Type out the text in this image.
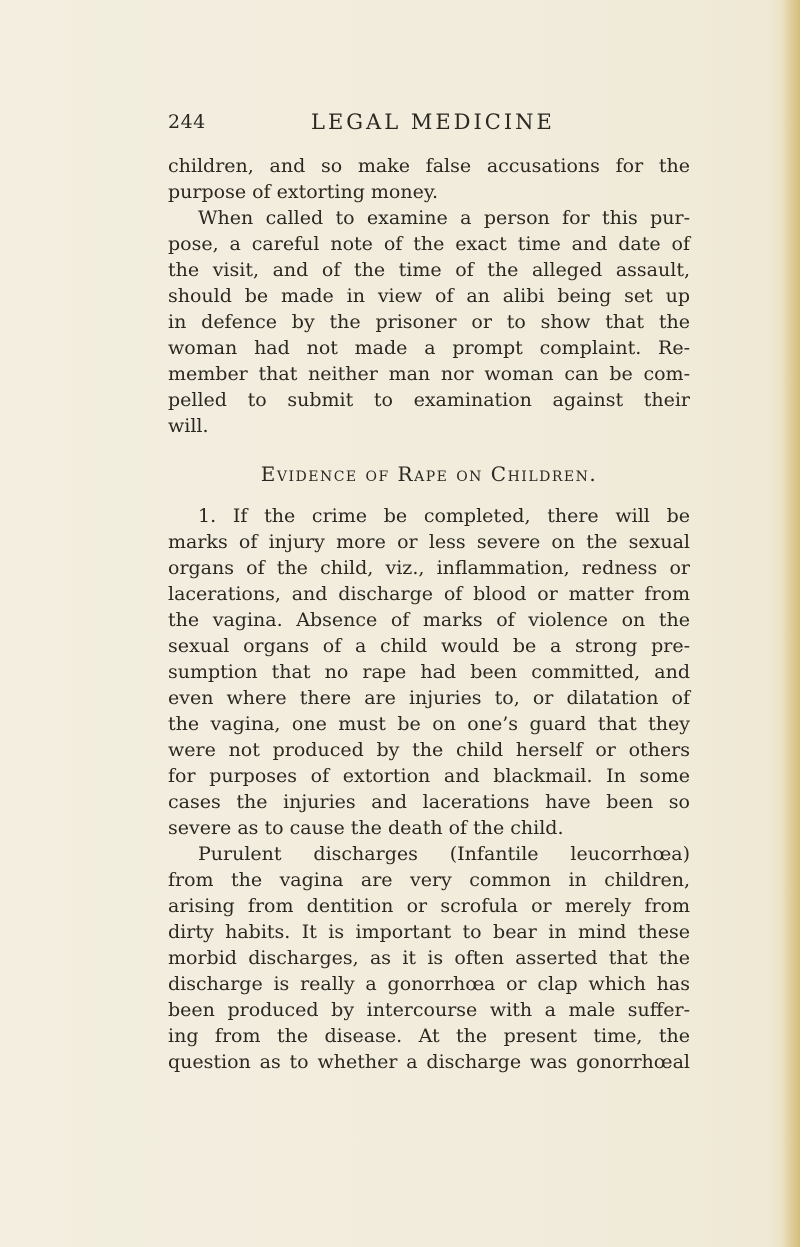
244	LEGAL MEDICINE
children, and so make false accusations for the
purpose of extorting money.
When called to examine a person for this pur-
pose, a careful note of the exact time and date of
the visit, and of the time of the alleged assault,
should be made in view of an alibi being set up
in defence by the prisoner or to show that the
woman had not made a prompt complaint. Re-
member that neither man nor woman can be com-
pelled to submit to examination against their
will.
Evidence of Rape on Children.
1. If the crime be completed, there will be
marks of injury more or less severe on the sexual
organs of the child, viz., inflammation, redness or
lacerations, and discharge of blood or matter from
the vagina. Absence of marks of violence on the
sexual organs of a child would be a strong pre-
sumption that no rape had been committed, and
even where there are injuries to, or dilatation of
the vagina, one must be on one’s guard that they
were not produced by the child herself or others
for purposes of extortion and blackmail. In some
cases the injuries and lacerations have been so
severe as to cause the death of the child.
Purulent discharges (Infantile leucorrhœa)
from the vagina are very common in children,
arising from dentition or scrofula or merely from
dirty habits. It is important to bear in mind these
morbid discharges, as it is often asserted that the
discharge is really a gonorrhœa or clap which has
been produced by intercourse with a male suffer-
ing from the disease. At the present time, the
question as to whether a discharge was gonorrhœal
